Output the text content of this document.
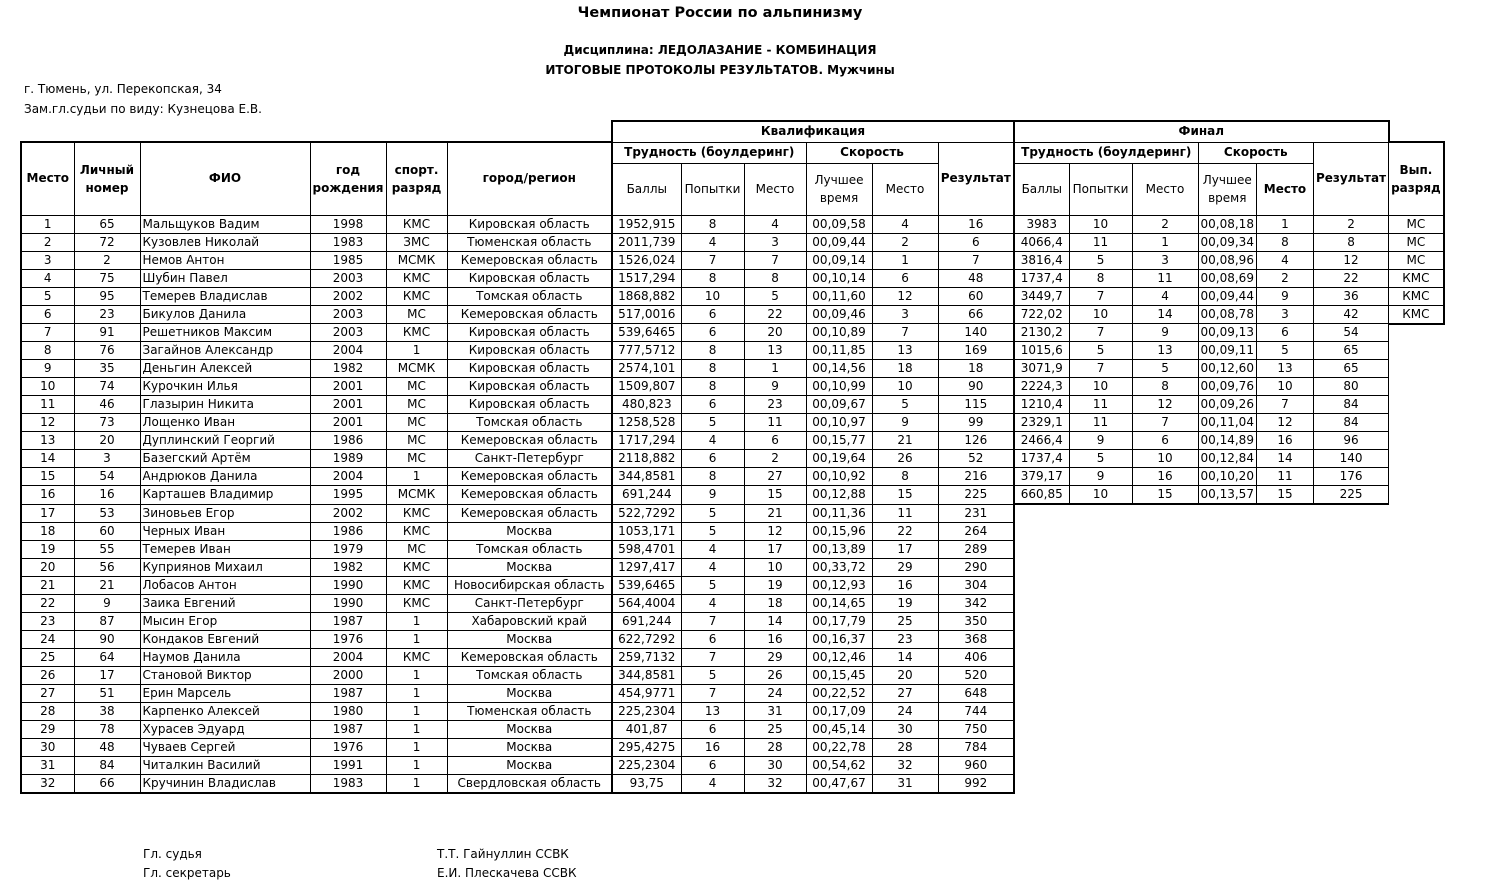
Чемпионат России по альпинизму
Дисциплина: ЛЕДОЛАЗАНИЕ - КОМБИНАЦИЯ
ИТОГОВЫЕ ПРОТОКОЛЫ РЕЗУЛЬТАТОВ. Мужчины
г. Тюмень, ул. Перекопская, 34
Зам.гл.судьи по виду: Кузнецова Е.В.
						Квалификация						Финал						
Место	Личный номер	ФИО	год рождения	спорт. разряд	город/регион	Трудность (боулдеринг)			Скорость		Результат	Трудность (боулдеринг)			Скорость		Результат	Вып. разряд
						Баллы	Попытки	Место	Лучшее время	Место		Баллы	Попытки	Место	Лучшее время	Место		
1	65	Мальщуков Вадим	1998	КМС	Кировская область	1952,915	8	4	00,09,58	4	16	3983	10	2	00,08,18	1	2	МС
2	72	Кузовлев Николай	1983	ЗМС	Тюменская область	2011,739	4	3	00,09,44	2	6	4066,4	11	1	00,09,34	8	8	МС
3	2	Немов Антон	1985	МСМК	Кемеровская область	1526,024	7	7	00,09,14	1	7	3816,4	5	3	00,08,96	4	12	МС
4	75	Шубин Павел	2003	КМС	Кировская область	1517,294	8	8	00,10,14	6	48	1737,4	8	11	00,08,69	2	22	КМС
5	95	Темерев Владислав	2002	КМС	Томская область	1868,882	10	5	00,11,60	12	60	3449,7	7	4	00,09,44	9	36	КМС
6	23	Бикулов Данила	2003	МС	Кемеровская область	517,0016	6	22	00,09,46	3	66	722,02	10	14	00,08,78	3	42	КМС
7	91	Решетников Максим	2003	КМС	Кировская область	539,6465	6	20	00,10,89	7	140	2130,2	7	9	00,09,13	6	54	
8	76	Загайнов Александр	2004	1	Кировская область	777,5712	8	13	00,11,85	13	169	1015,6	5	13	00,09,11	5	65	
9	35	Деньгин Алексей	1982	МСМК	Кировская область	2574,101	8	1	00,14,56	18	18	3071,9	7	5	00,12,60	13	65	
10	74	Курочкин Илья	2001	МС	Кировская область	1509,807	8	9	00,10,99	10	90	2224,3	10	8	00,09,76	10	80	
11	46	Глазырин Никита	2001	МС	Кировская область	480,823	6	23	00,09,67	5	115	1210,4	11	12	00,09,26	7	84	
12	73	Лощенко Иван	2001	МС	Томская область	1258,528	5	11	00,10,97	9	99	2329,1	11	7	00,11,04	12	84	
13	20	Дуплинский Георгий	1986	МС	Кемеровская область	1717,294	4	6	00,15,77	21	126	2466,4	9	6	00,14,89	16	96	
14	3	Базегский Артём	1989	МС	Санкт-Петербург	2118,882	6	2	00,19,64	26	52	1737,4	5	10	00,12,84	14	140	
15	54	Андрюков Данила	2004	1	Кемеровская область	344,8581	8	27	00,10,92	8	216	379,17	9	16	00,10,20	11	176	
16	16	Карташев Владимир	1995	МСМК	Кемеровская область	691,244	9	15	00,12,88	15	225	660,85	10	15	00,13,57	15	225	
17	53	Зиновьев Егор	2002	КМС	Кемеровская область	522,7292	5	21	00,11,36	11	231							
18	60	Черных Иван	1986	КМС	Москва	1053,171	5	12	00,15,96	22	264							
19	55	Темерев Иван	1979	МС	Томская область	598,4701	4	17	00,13,89	17	289							
20	56	Куприянов Михаил	1982	КМС	Москва	1297,417	4	10	00,33,72	29	290							
21	21	Лобасов Антон	1990	КМС	Новосибирская область	539,6465	5	19	00,12,93	16	304							
22	9	Заика Евгений	1990	КМС	Санкт-Петербург	564,4004	4	18	00,14,65	19	342							
23	87	Мысин Егор	1987	1	Хабаровский край	691,244	7	14	00,17,79	25	350							
24	90	Кондаков Евгений	1976	1	Москва	622,7292	6	16	00,16,37	23	368							
25	64	Наумов Данила	2004	КМС	Кемеровская область	259,7132	7	29	00,12,46	14	406							
26	17	Становой Виктор	2000	1	Томская область	344,8581	5	26	00,15,45	20	520							
27	51	Ерин Марсель	1987	1	Москва	454,9771	7	24	00,22,52	27	648							
28	38	Карпенко Алексей	1980	1	Тюменская область	225,2304	13	31	00,17,09	24	744							
29	78	Хурасев Эдуард	1987	1	Москва	401,87	6	25	00,45,14	30	750							
30	48	Чуваев Сергей	1976	1	Москва	295,4275	16	28	00,22,78	28	784							
31	84	Читалкин Василий	1991	1	Москва	225,2304	6	30	00,54,62	32	960							
32	66	Кручинин Владислав	1983	1	Свердловская область	93,75	4	32	00,47,67	31	992							
Гл. судья	Т.Т. Гайнуллин ССВК
Гл. секретарь	Е.И. Плескачева ССВК
